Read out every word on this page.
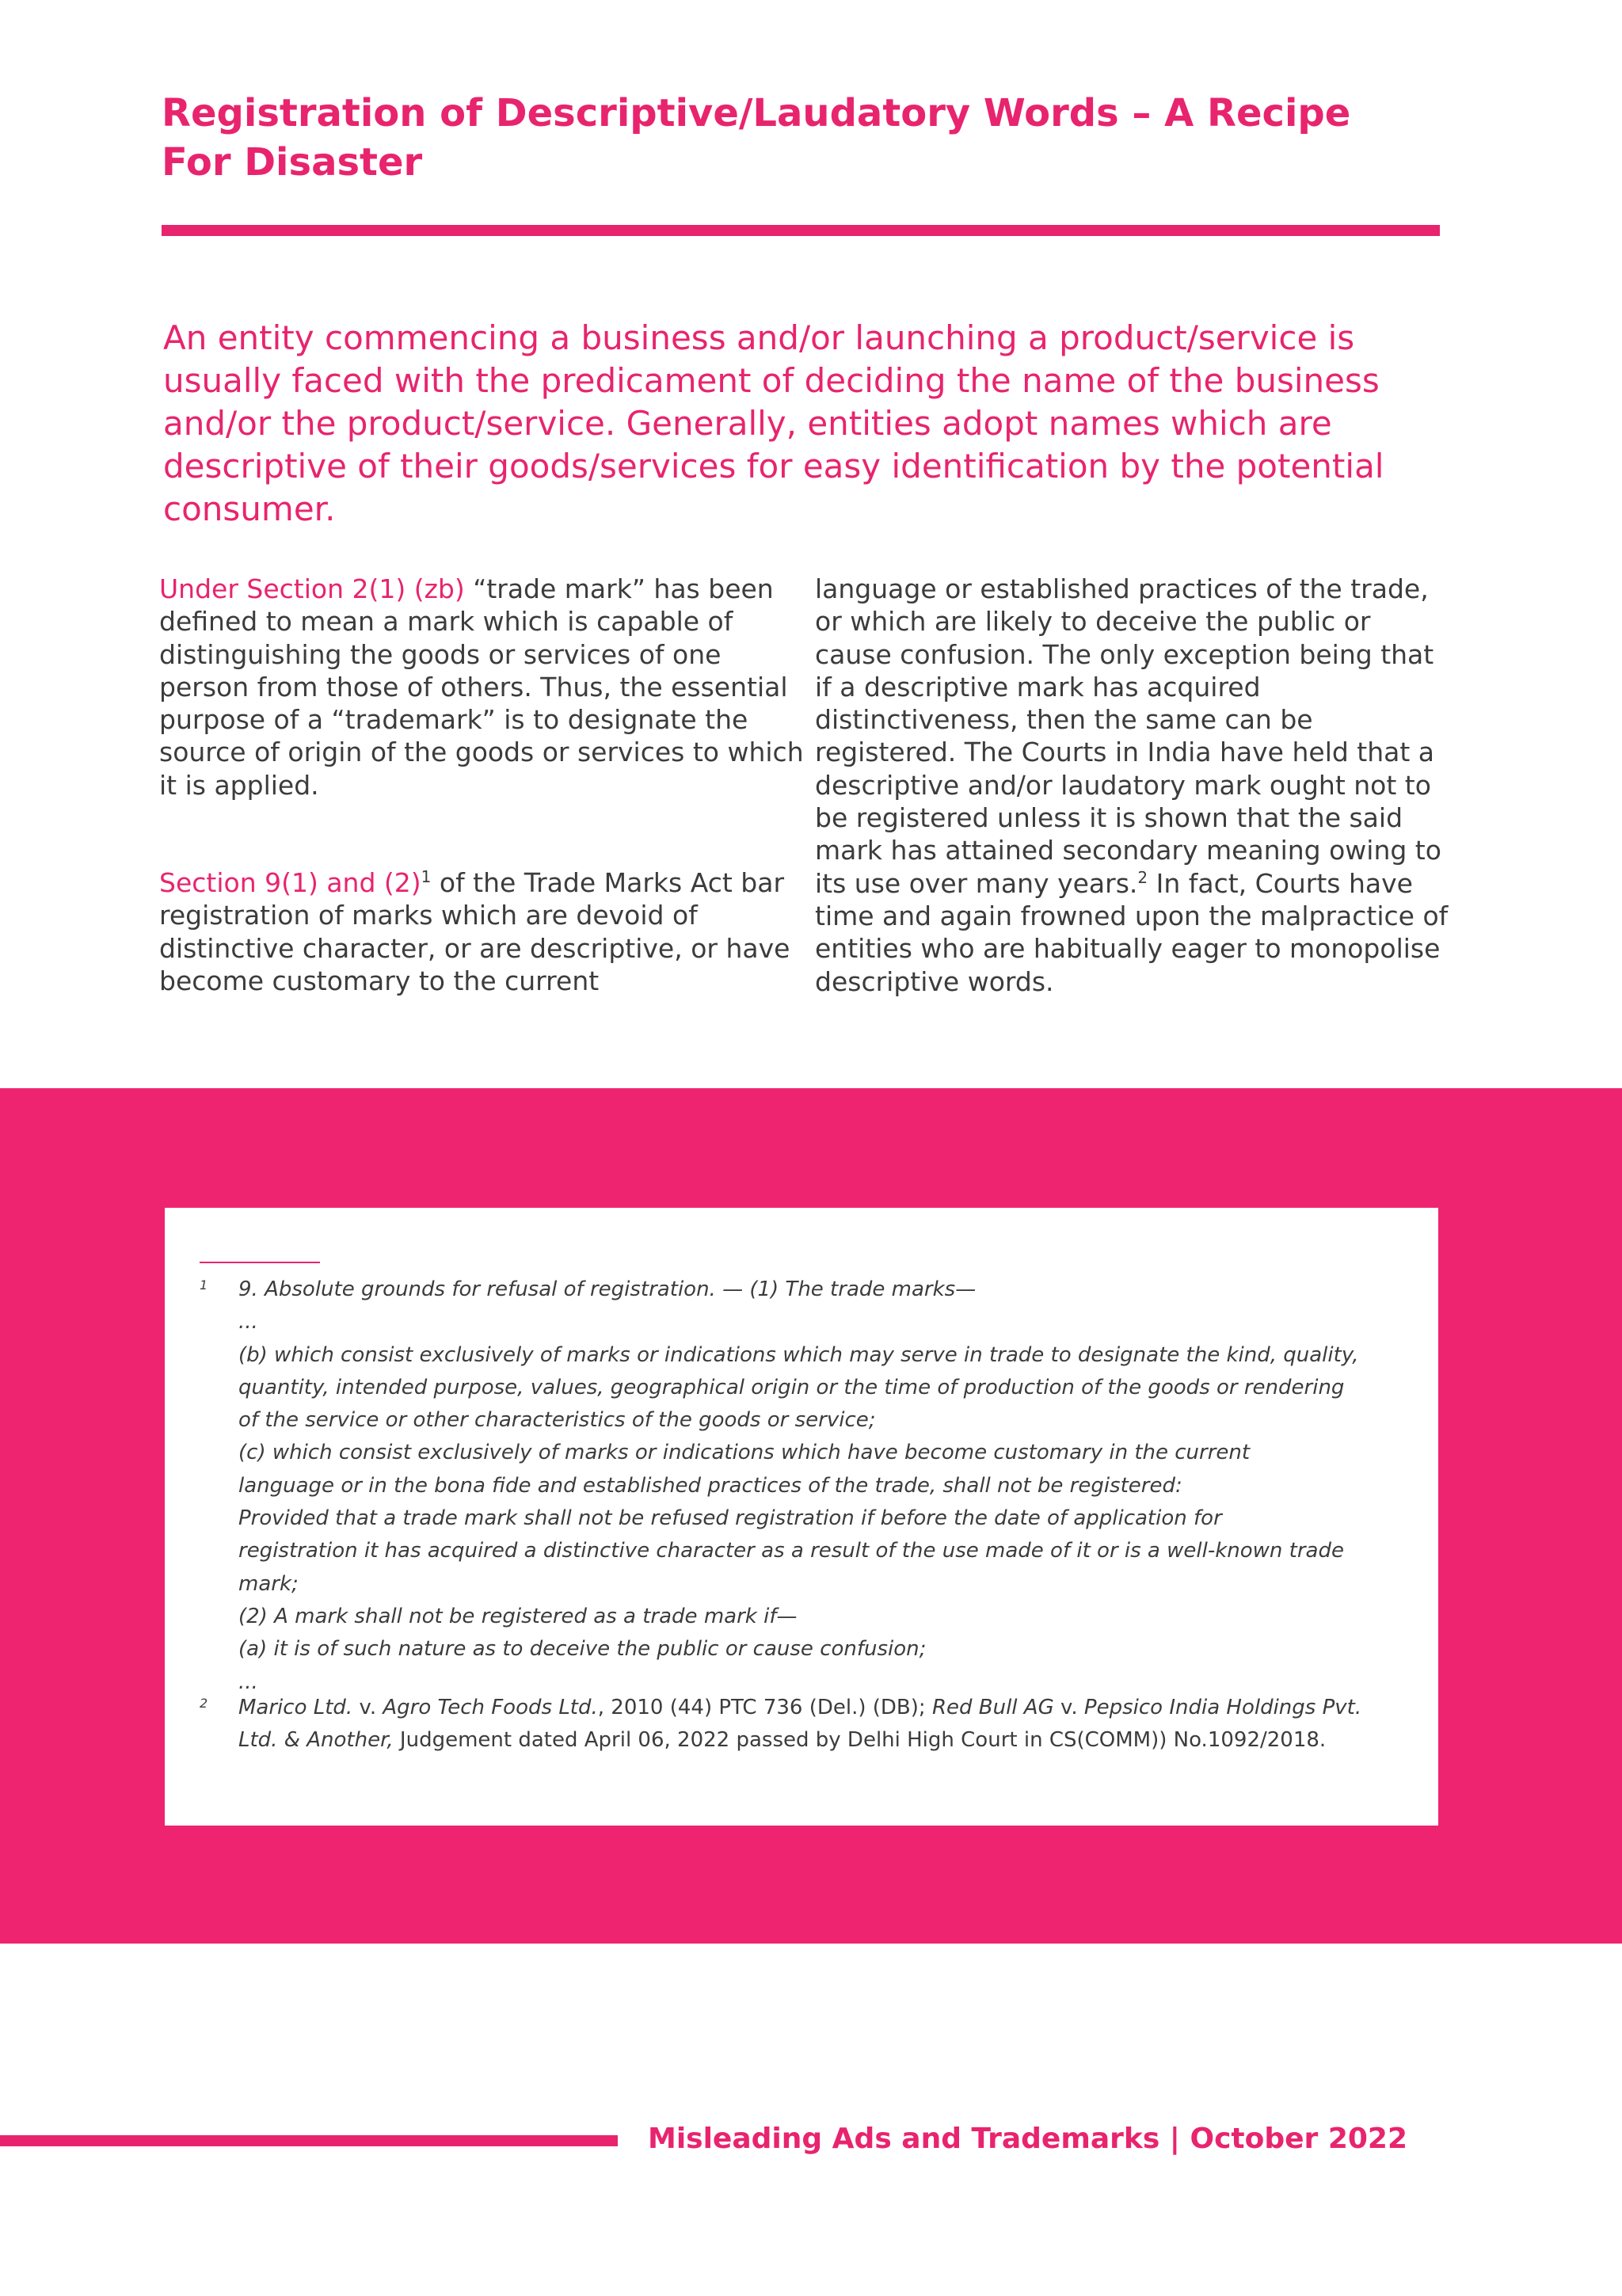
Registration of Descriptive/Laudatory Words – A Recipe For Disaster

An entity commencing a business and/or launching a product/service is usually faced with the predicament of deciding the name of the business and/or the product/service. Generally, entities adopt names which are descriptive of their goods/services for easy identification by the potential consumer.

Under Section 2(1) (zb) “trade mark” has been defined to mean a mark which is capable of distinguishing the goods or services of one person from those of others. Thus, the essential purpose of a “trademark” is to designate the source of origin of the goods or services to which it is applied.

Section 9(1) and $(2)^1$ of the Trade Marks Act bar registration of marks which are devoid of distinctive character, or are descriptive, or have become customary to the current

language or established practices of the trade, or which are likely to deceive the public or cause confusion. The only exception being that if a descriptive mark has acquired distinctiveness, then the same can be registered. The Courts in India have held that a descriptive and/or laudatory mark ought not to be registered unless it is shown that the said mark has attained secondary meaning owing to its use over many years.$^2$ In fact, Courts have time and again frowned upon the malpractice of entities who are habitually eager to monopolise descriptive words.

1 9. Absolute grounds for refusal of registration. — (1) The trade marks—
...
(b) which consist exclusively of marks or indications which may serve in trade to designate the kind, quality,
quantity, intended purpose, values, geographical origin or the time of production of the goods or rendering
of the service or other characteristics of the goods or service;
(c) which consist exclusively of marks or indications which have become customary in the current
language or in the bona fide and established practices of the trade, shall not be registered:
Provided that a trade mark shall not be refused registration if before the date of application for
registration it has acquired a distinctive character as a result of the use made of it or is a well-known trade
mark;
(2) A mark shall not be registered as a trade mark if—
(a) it is of such nature as to deceive the public or cause confusion;
...
2 Marico Ltd. v. Agro Tech Foods Ltd., 2010 (44) PTC 736 (Del.) (DB); Red Bull AG v. Pepsico India Holdings Pvt.
Ltd. & Another, Judgement dated April 06, 2022 passed by Delhi High Court in CS(COMM)) No.1092/2018.
Misleading Ads and Trademarks | October 2022
